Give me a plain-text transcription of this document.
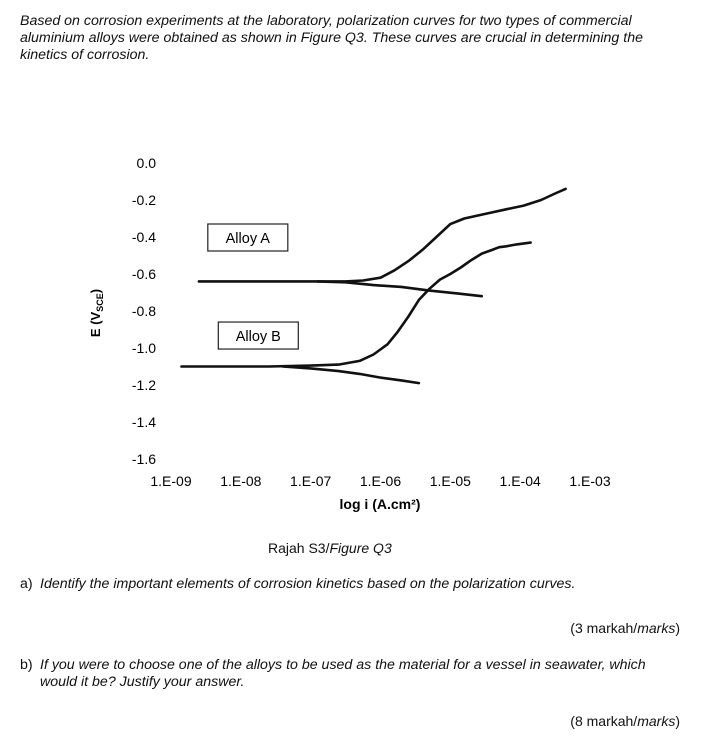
Based on corrosion experiments at the laboratory, polarization curves for two types of commercial aluminium alloys were obtained as shown in Figure Q3. These curves are crucial in determining the kinetics of corrosion.

0.0
-0.2
-0.4
-0.6
-0.8
-1.0
-1.2
-1.4
-1.6
1.E-09 1.E-08 1.E-07 1.E-06 1.E-05 1.E-04 1.E-03
Alloy A
Alloy B
log i (A.cm²)
E $(V_{SCE})$
Rajah S3/Figure Q3
a) Identify the important elements of corrosion kinetics based on the polarization curves.
(3 markah/marks)
b) If you were to choose one of the alloys to be used as the material for a vessel in seawater, which would it be? Justify your answer.
(8 markah/marks)
